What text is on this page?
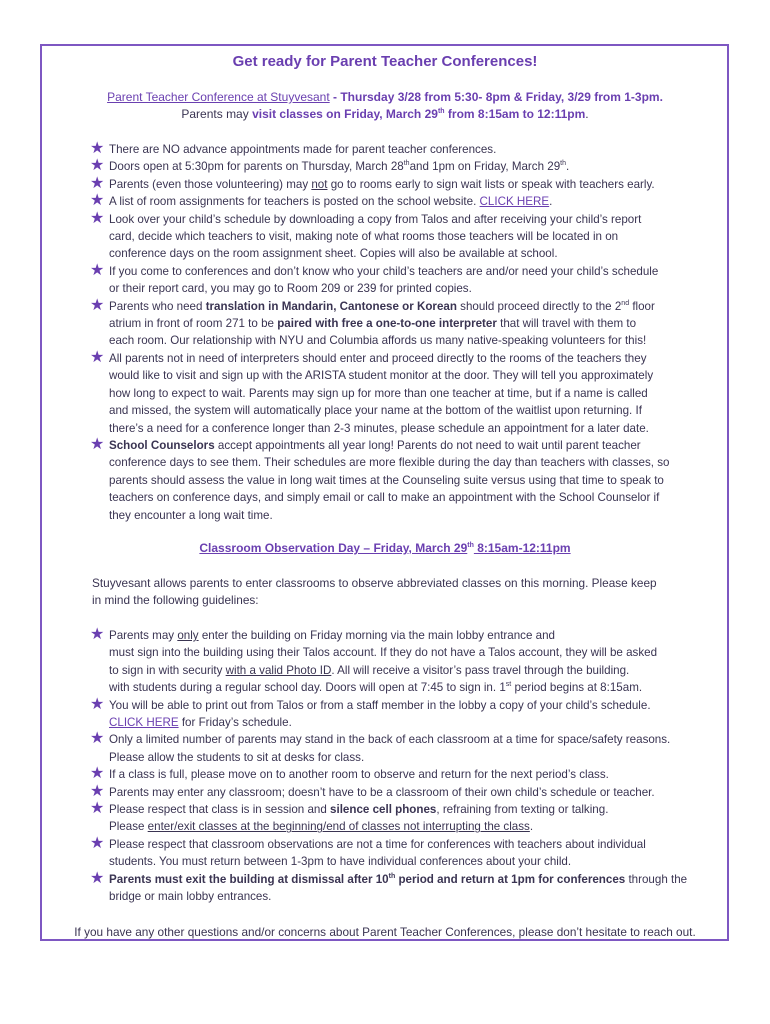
Get ready for Parent Teacher Conferences!
Parent Teacher Conference at Stuyvesant - Thursday 3/28 from 5:30- 8pm & Friday, 3/29 from 1-3pm.
Parents may visit classes on Friday, March 29th from 8:15am to 12:11pm.
★ There are NO advance appointments made for parent teacher conferences.
★ Doors open at 5:30pm for parents on Thursday, March 28thand 1pm on Friday, March 29th.
★ Parents (even those volunteering) may not go to rooms early to sign wait lists or speak with teachers early.
★ A list of room assignments for teachers is posted on the school website. CLICK HERE.
★ Look over your child’s schedule by downloading a copy from Talos and after receiving your child’s report
card, decide which teachers to visit, making note of what rooms those teachers will be located in on
conference days on the room assignment sheet. Copies will also be available at school.
★ If you come to conferences and don’t know who your child’s teachers are and/or need your child’s schedule
or their report card, you may go to Room 209 or 239 for printed copies.
★ Parents who need translation in Mandarin, Cantonese or Korean should proceed directly to the 2nd floor
atrium in front of room 271 to be paired with free a one-to-one interpreter that will travel with them to
each room. Our relationship with NYU and Columbia affords us many native-speaking volunteers for this!
★ All parents not in need of interpreters should enter and proceed directly to the rooms of the teachers they
would like to visit and sign up with the ARISTA student monitor at the door. They will tell you approximately
how long to expect to wait. Parents may sign up for more than one teacher at time, but if a name is called
and missed, the system will automatically place your name at the bottom of the waitlist upon returning. If
there’s a need for a conference longer than 2-3 minutes, please schedule an appointment for a later date.
★ School Counselors accept appointments all year long! Parents do not need to wait until parent teacher
conference days to see them. Their schedules are more flexible during the day than teachers with classes, so
parents should assess the value in long wait times at the Counseling suite versus using that time to speak to
teachers on conference days, and simply email or call to make an appointment with the School Counselor if
they encounter a long wait time.
Classroom Observation Day – Friday, March 29th 8:15am-12:11pm
Stuyvesant allows parents to enter classrooms to observe abbreviated classes on this morning. Please keep
in mind the following guidelines:
★ Parents may only enter the building on Friday morning via the main lobby entrance and
must sign into the building using their Talos account. If they do not have a Talos account, they will be asked
to sign in with security with a valid Photo ID. All will receive a visitor’s pass travel through the building.
with students during a regular school day. Doors will open at 7:45 to sign in. 1st period begins at 8:15am.
★ You will be able to print out from Talos or from a staff member in the lobby a copy of your child’s schedule.
CLICK HERE for Friday’s schedule.
★ Only a limited number of parents may stand in the back of each classroom at a time for space/safety reasons.
Please allow the students to sit at desks for class.
★ If a class is full, please move on to another room to observe and return for the next period’s class.
★ Parents may enter any classroom; doesn’t have to be a classroom of their own child’s schedule or teacher.
★ Please respect that class is in session and silence cell phones, refraining from texting or talking.
Please enter/exit classes at the beginning/end of classes not interrupting the class.
★ Please respect that classroom observations are not a time for conferences with teachers about individual
students. You must return between 1-3pm to have individual conferences about your child.
★ Parents must exit the building at dismissal after 10th period and return at 1pm for conferences through the
bridge or main lobby entrances.
If you have any other questions and/or concerns about Parent Teacher Conferences, please don’t hesitate to reach out.
